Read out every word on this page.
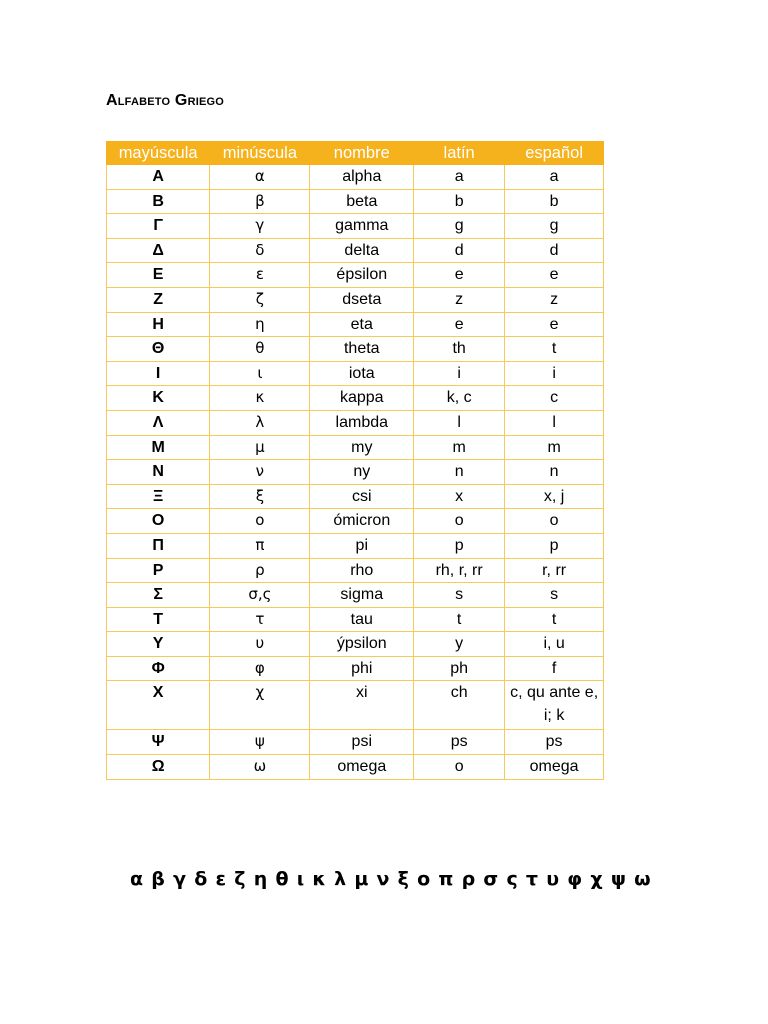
Alfabeto Griego
mayúscula	minúscula	nombre	latín	español
Α	α	alpha	a	a
Β	β	beta	b	b
Γ	γ	gamma	g	g
Δ	δ	delta	d	d
Ε	ε	épsilon	e	e
Ζ	ζ	dseta	z	z
Η	η	eta	e	e
Θ	θ	theta	th	t
Ι	ι	iota	i	i
Κ	κ	kappa	k, c	c
Λ	λ	lambda	l	l
Μ	μ	my	m	m
Ν	ν	ny	n	n
Ξ	ξ	csi	x	x, j
Ο	ο	ómicron	o	o
Π	π	pi	p	p
Ρ	ρ	rho	rh, r, rr	r, rr
Σ	σ,ς	sigma	s	s
Τ	τ	tau	t	t
Υ	υ	ýpsilon	y	i, u
Φ	φ	phi	ph	f
Χ	χ	xi	ch	c, qu ante e, i; k
Ψ	ψ	psi	ps	ps
Ω	ω	omega	o	omega

α β γ δ ε ζ η θ ι κ λ μ ν ξ ο π ρ σ ς τ υ φ χ ψ ω
